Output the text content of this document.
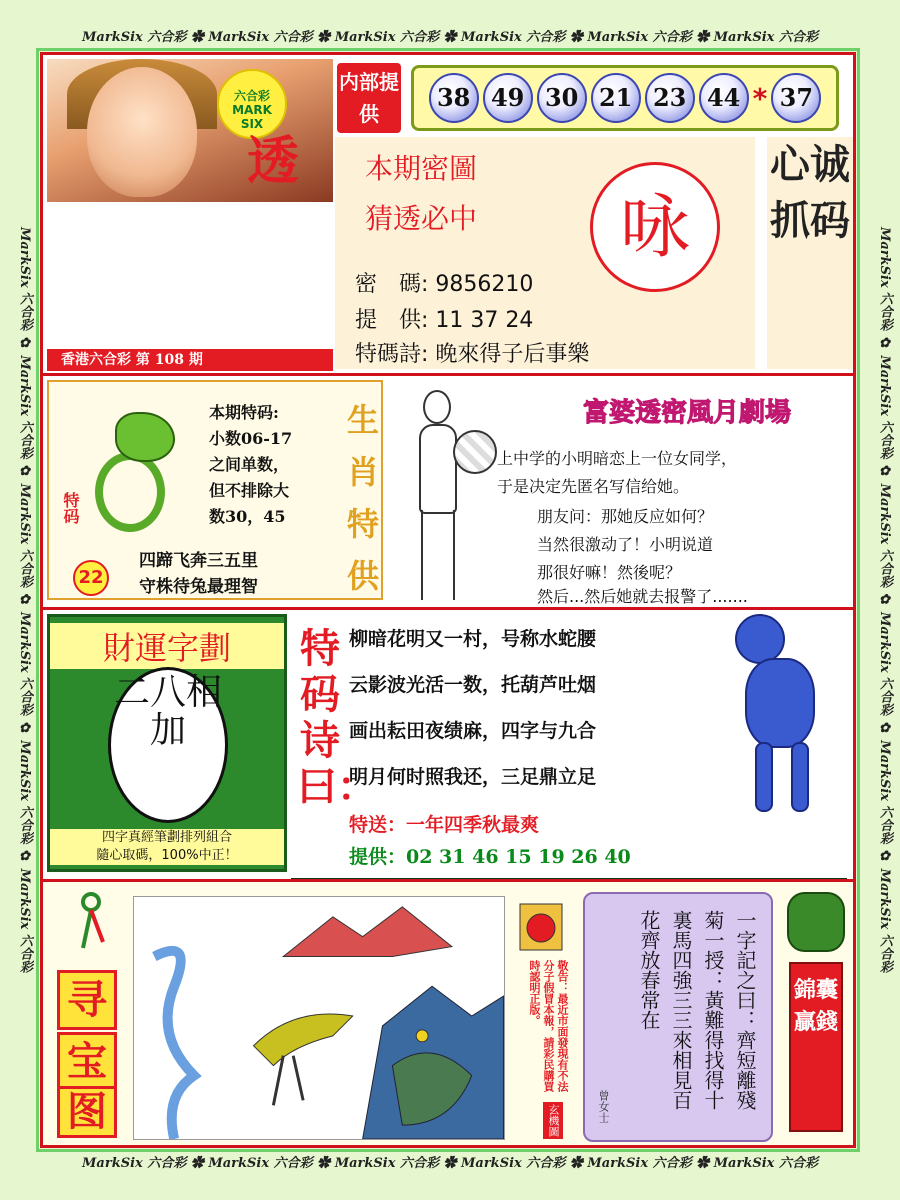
MarkSix 六合彩 ✿ MarkSix 六合彩 ✿ MarkSix 六合彩 ✿ MarkSix 六合彩 ✿ MarkSix 六合彩 ✿ MarkSix 六合彩
MarkSix 六合彩 ✿ MarkSix 六合彩 ✿ MarkSix 六合彩 ✿ MarkSix 六合彩 ✿ MarkSix 六合彩 ✿ MarkSix 六合彩
MarkSix 六合彩 ✿ MarkSix 六合彩 ✿ MarkSix 六合彩 ✿ MarkSix 六合彩 ✿ MarkSix 六合彩 ✿ MarkSix 六合彩	MarkSix 六合彩 ✿ MarkSix 六合彩 ✿ MarkSix 六合彩 ✿ MarkSix 六合彩 ✿ MarkSix 六合彩 ✿ MarkSix 六合彩
六合彩 MARK SIX
透
香港六合彩 第 108 期
内部提供
38 49 30 21 23 44 * 37
本期密圖
猜透必中
密　碼: 9856210
提　供: 11 37 24
特碼詩: 晚來得子后事樂
咏
心诚抓码
特码
22
本期特码:
小数06-17
之间单数，
但不排除大
数30，45
四蹄飞奔三五里
守株待兔最理智
生肖特供
富婆透密風月劇場
上中学的小明暗恋上一位女同学，
于是决定先匿名写信给她。
朋友问：那她反应如何？
当然很激动了！小明说道
那很好嘛！然後呢？
然后...然后她就去报警了.......
財運字劃
二八相加
四字真經筆劃排列組合
隨心取碼，100%中正！
特码诗曰：
柳暗花明又一村，号称水蛇腰
云影波光活一数，托葫芦吐烟
画出耘田夜绩麻，四字与九合
明月何时照我还，三足鼎立足
特送：一年四季秋最爽
提供：02 31 46 15 19 26 40
寻
宝
图
敬告：最近市面發現有不法分子假冒本報，請彩民購買時認明正版。
玄機圖
一字記之曰：齊短離殘菊一授：黃難得找得十裏馬四強三三來相見百花齊放春常在
曾女士
錦囊贏錢
